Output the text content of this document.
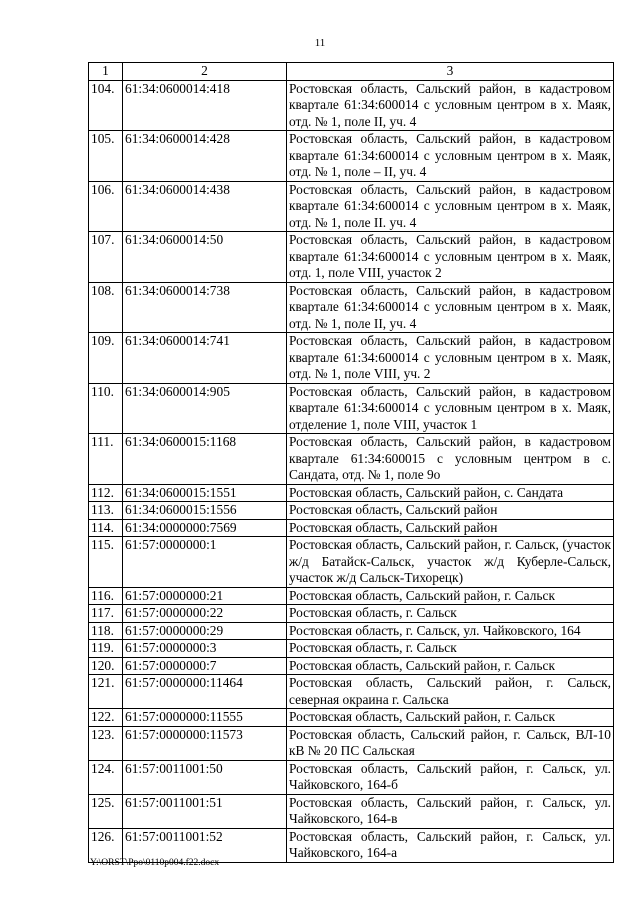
11
1	2	3
104.	61:34:0600014:418	Ростовская область, Сальский район, в кадастровом квартале 61:34:600014 с условным центром в х. Маяк, отд. № 1, поле II, уч. 4
105.	61:34:0600014:428	Ростовская область, Сальский район, в кадастровом квартале 61:34:600014 с условным центром в х. Маяк, отд. № 1, поле – II, уч. 4
106.	61:34:0600014:438	Ростовская область, Сальский район, в кадастровом квартале 61:34:600014 с условным центром в х. Маяк, отд. № 1, поле II. уч. 4
107.	61:34:0600014:50	Ростовская область, Сальский район, в кадастровом квартале 61:34:600014 с условным центром в х. Маяк, отд. 1, поле VIII, участок 2
108.	61:34:0600014:738	Ростовская область, Сальский район, в кадастровом квартале 61:34:600014 с условным центром в х. Маяк, отд. № 1, поле II, уч. 4
109.	61:34:0600014:741	Ростовская область, Сальский район, в кадастровом квартале 61:34:600014 с условным центром в х. Маяк, отд. № 1, поле VIII, уч. 2
110.	61:34:0600014:905	Ростовская область, Сальский район, в кадастровом квартале 61:34:600014 с условным центром в х. Маяк, отделение 1, поле VIII, участок 1
111.	61:34:0600015:1168	Ростовская область, Сальский район, в кадастровом квартале 61:34:600015 с условным центром в с. Сандата, отд. № 1, поле 9о
112.	61:34:0600015:1551	Ростовская область, Сальский район, с. Сандата
113.	61:34:0600015:1556	Ростовская область, Сальский район
114.	61:34:0000000:7569	Ростовская область, Сальский район
115.	61:57:0000000:1	Ростовская область, Сальский район, г. Сальск, (участок ж/д Батайск-Сальск, участок ж/д Куберле-Сальск, участок ж/д Сальск-Тихорецк)
116.	61:57:0000000:21	Ростовская область, Сальский район, г. Сальск
117.	61:57:0000000:22	Ростовская область, г. Сальск
118.	61:57:0000000:29	Ростовская область, г. Сальск, ул. Чайковского, 164
119.	61:57:0000000:3	Ростовская область, г. Сальск
120.	61:57:0000000:7	Ростовская область, Сальский район, г. Сальск
121.	61:57:0000000:11464	Ростовская область, Сальский район, г. Сальск, северная окраина г. Сальска
122.	61:57:0000000:11555	Ростовская область, Сальский район, г. Сальск
123.	61:57:0000000:11573	Ростовская область, Сальский район, г. Сальск, ВЛ-10 кВ № 20 ПС Сальская
124.	61:57:0011001:50	Ростовская область, Сальский район, г. Сальск, ул. Чайковского, 164-б
125.	61:57:0011001:51	Ростовская область, Сальский район, г. Сальск, ул. Чайковского, 164-в
126.	61:57:0011001:52	Ростовская область, Сальский район, г. Сальск, ул. Чайковского, 164-а
Y:\ORST\Ppo\0110p004.f22.docx
